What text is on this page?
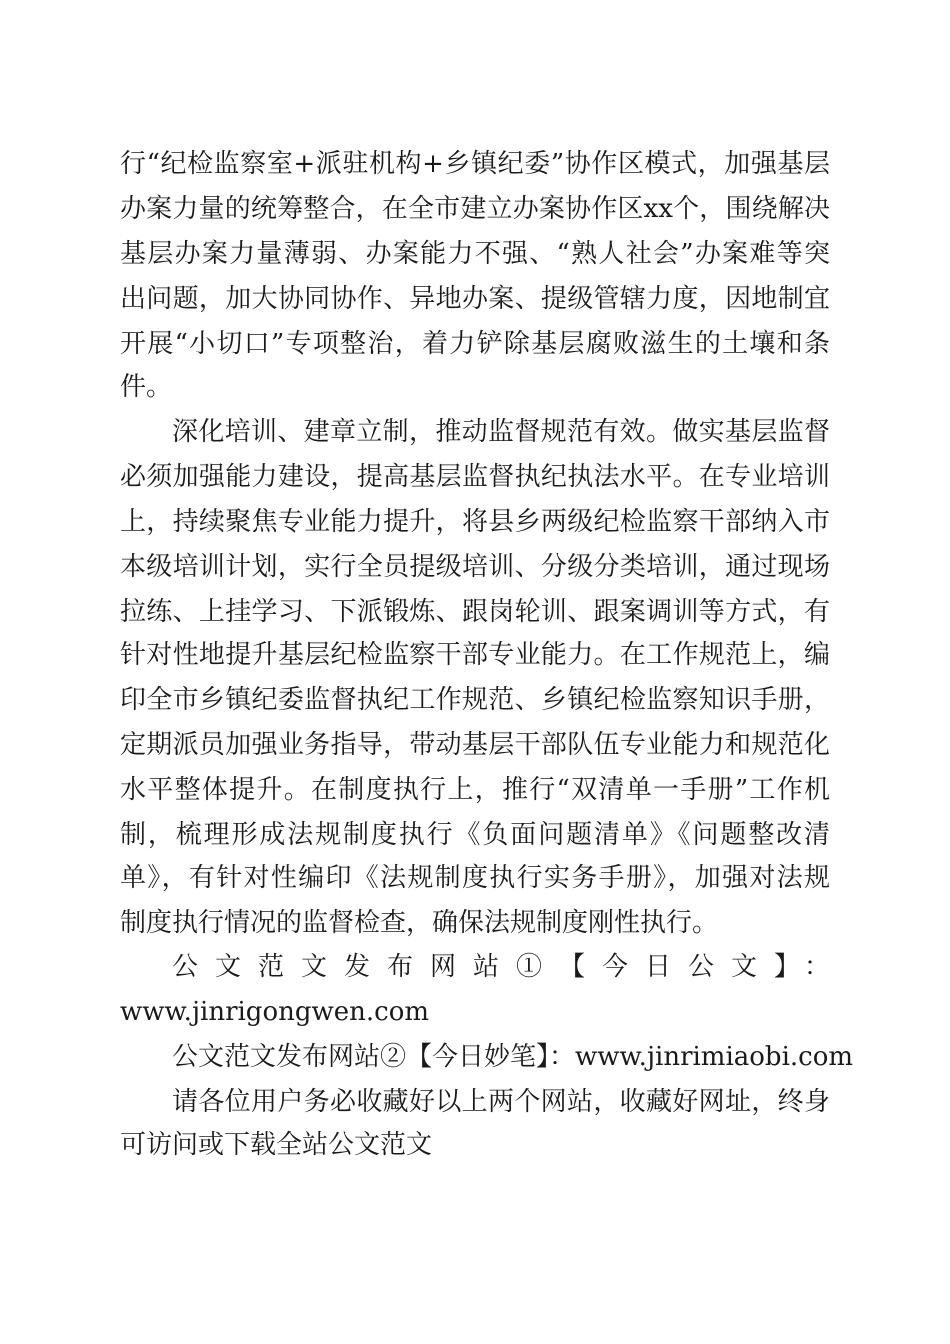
行“纪检监察室+派驻机构+乡镇纪委”协作区模式，加强基层
办案力量的统筹整合，在全市建立办案协作区xx个，围绕解决
基层办案力量薄弱、办案能力不强、“熟人社会”办案难等突
出问题，加大协同协作、异地办案、提级管辖力度，因地制宜
开展“小切口”专项整治，着力铲除基层腐败滋生的土壤和条
件。
深化培训、建章立制，推动监督规范有效。做实基层监督
必须加强能力建设，提高基层监督执纪执法水平。在专业培训
上，持续聚焦专业能力提升，将县乡两级纪检监察干部纳入市
本级培训计划，实行全员提级培训、分级分类培训，通过现场
拉练、上挂学习、下派锻炼、跟岗轮训、跟案调训等方式，有
针对性地提升基层纪检监察干部专业能力。在工作规范上，编
印全市乡镇纪委监督执纪工作规范、乡镇纪检监察知识手册，
定期派员加强业务指导，带动基层干部队伍专业能力和规范化
水平整体提升。在制度执行上，推行“双清单一手册”工作机
制，梳理形成法规制度执行《负面问题清单》《问题整改清
单》，有针对性编印《法规制度执行实务手册》，加强对法规
制度执行情况的监督检查，确保法规制度刚性执行。
公文范文发布网站①【今日公文】：
www.jinrigongwen.com
公文范文发布网站②【今日妙笔】：www.jinrimiaobi.com
请各位用户务必收藏好以上两个网站，收藏好网址，终身
可访问或下载全站公文范文
